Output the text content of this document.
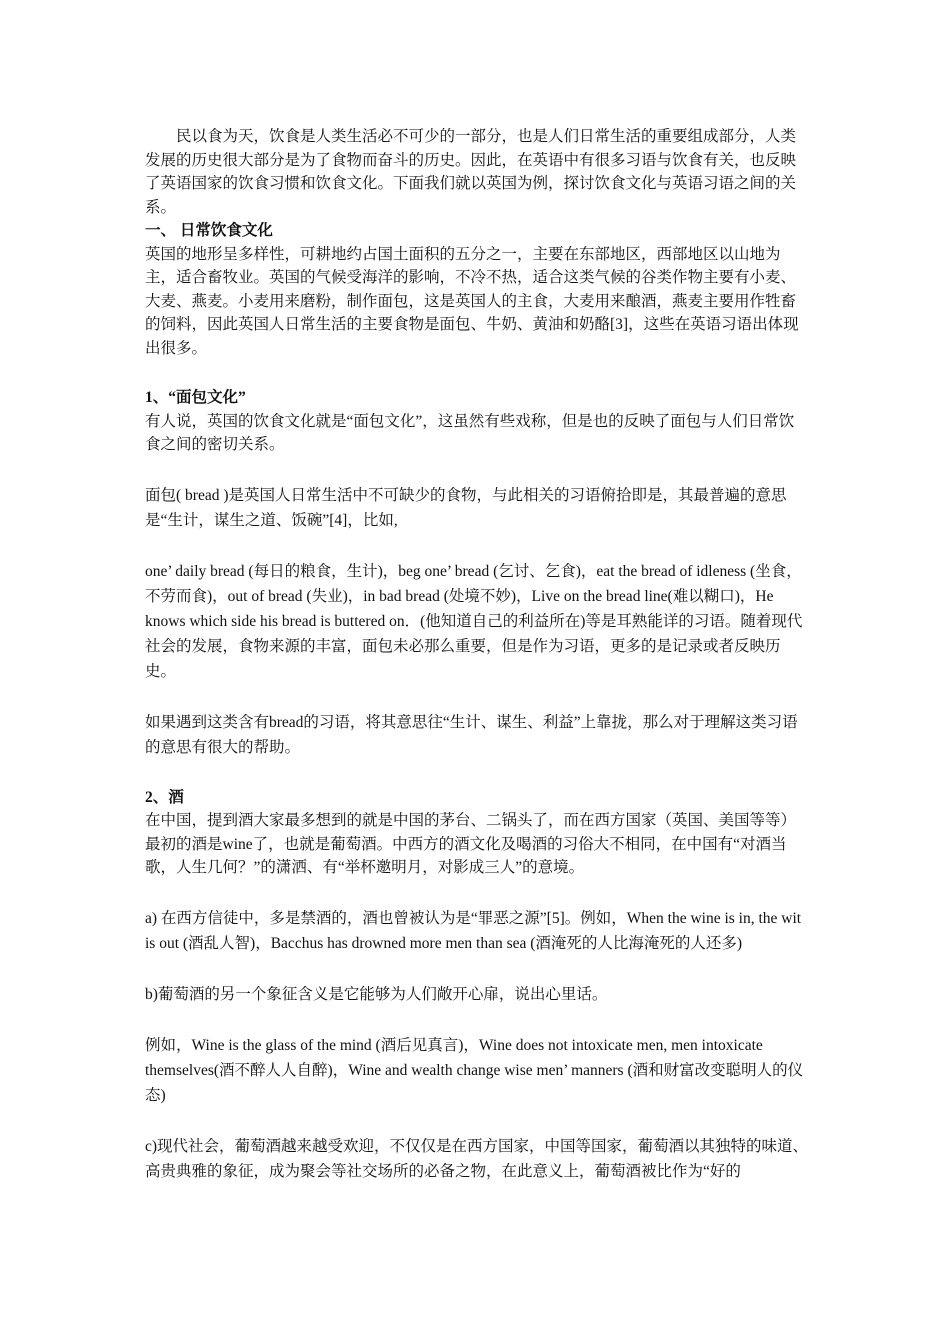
民以食为天，饮食是人类生活必不可少的一部分，也是人们日常生活的重要组成部分，人类发展的历史很大部分是为了食物而奋斗的历史。因此，在英语中有很多习语与饮食有关，也反映了英语国家的饮食习惯和饮食文化。下面我们就以英国为例，探讨饮食文化与英语习语之间的关系。

一、 日常饮食文化

英国的地形呈多样性，可耕地约占国土面积的五分之一，主要在东部地区，西部地区以山地为主，适合畜牧业。英国的气候受海洋的影响，不冷不热，适合这类气候的谷类作物主要有小麦、大麦、燕麦。小麦用来磨粉，制作面包，这是英国人的主食，大麦用来酿酒，燕麦主要用作牲畜的饲料，因此英国人日常生活的主要食物是面包、牛奶、黄油和奶酪[3]，这些在英语习语出体现出很多。

1、“面包文化”

有人说，英国的饮食文化就是“面包文化”，这虽然有些戏称，但是也的反映了面包与人们日常饮食之间的密切关系。

面包( bread )是英国人日常生活中不可缺少的食物，与此相关的习语俯拾即是，其最普遍的意思是“生计，谋生之道、饭碗”[4]，比如,

one’ daily bread (每日的粮食，生计)，beg one’ bread (乞讨、乞食)，eat the bread of idleness (坐食，不劳而食)，out of bread (失业)，in bad bread (处境不妙)，Live on the bread line(难以糊口)，He knows which side his bread is buttered on．(他知道自己的利益所在)等是耳熟能详的习语。随着现代社会的发展，食物来源的丰富，面包未必那么重要，但是作为习语，更多的是记录或者反映历史。

如果遇到这类含有bread的习语，将其意思往“生计、谋生、利益”上靠拢，那么对于理解这类习语的意思有很大的帮助。

2、酒

在中国，提到酒大家最多想到的就是中国的茅台、二锅头了，而在西方国家（英国、美国等等）最初的酒是wine了，也就是葡萄酒。中西方的酒文化及喝酒的习俗大不相同，在中国有“对酒当歌，人生几何？”的潇洒、有“举杯邀明月，对影成三人”的意境。

a) 在西方信徒中，多是禁酒的，酒也曾被认为是“罪恶之源”[5]。例如，When the wine is in, the wit is out (酒乱人智)，Bacchus has drowned more men than sea (酒淹死的人比海淹死的人还多)

b)葡萄酒的另一个象征含义是它能够为人们敞开心扉，说出心里话。

例如，Wine is the glass of the mind (酒后见真言)，Wine does not intoxicate men, men intoxicate themselves(酒不醉人人自醉)，Wine and wealth change wise men’ manners (酒和财富改变聪明人的仪态)

c)现代社会，葡萄酒越来越受欢迎，不仅仅是在西方国家，中国等国家，葡萄酒以其独特的味道、高贵典雅的象征，成为聚会等社交场所的必备之物，在此意义上，葡萄酒被比作为“好的
